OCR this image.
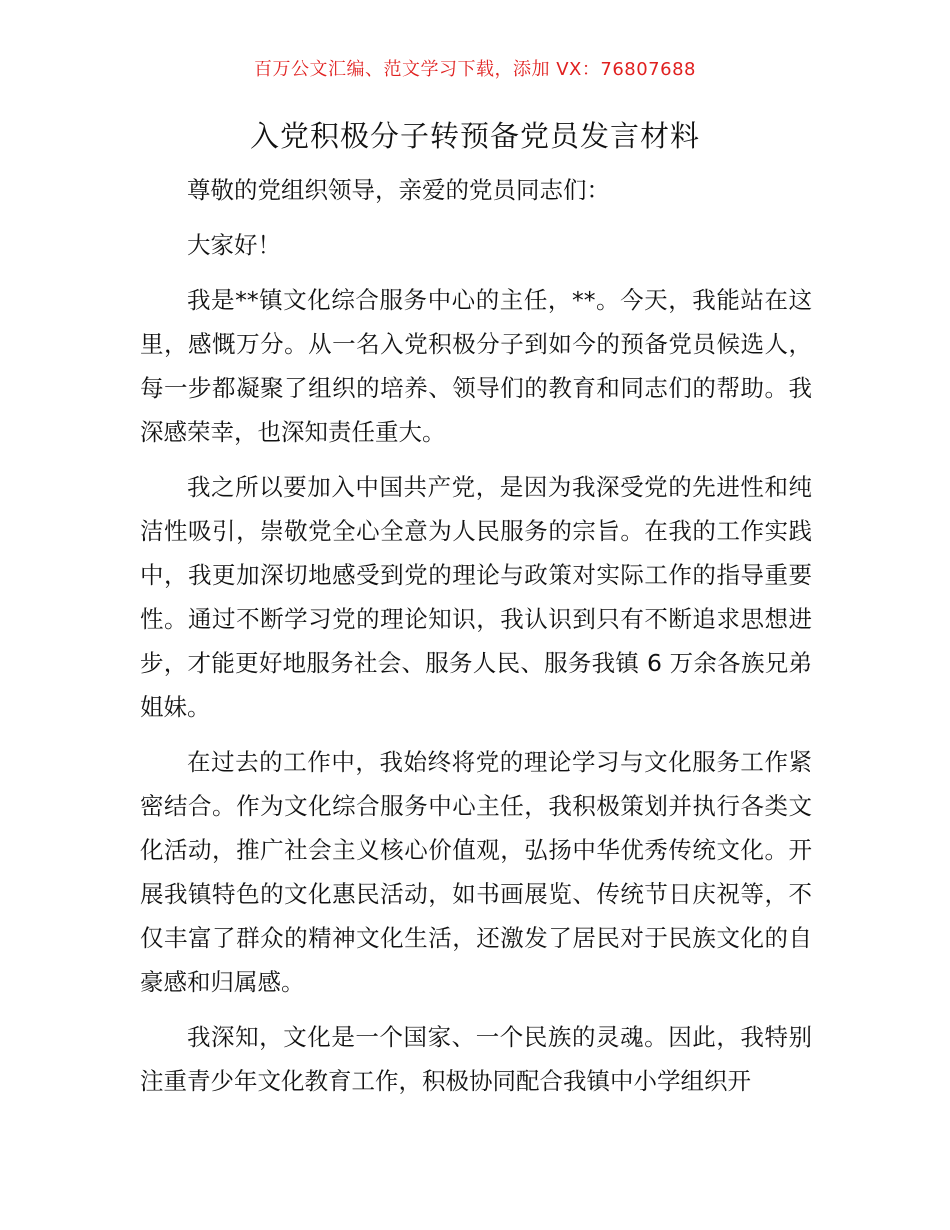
百万公文汇编、范文学习下载，添加 VX：76807688
入党积极分子转预备党员发言材料

尊敬的党组织领导，亲爱的党员同志们：

大家好！

我是**镇文化综合服务中心的主任，**。今天，我能站在这里，感慨万分。从一名入党积极分子到如今的预备党员候选人，每一步都凝聚了组织的培养、领导们的教育和同志们的帮助。我深感荣幸，也深知责任重大。

我之所以要加入中国共产党，是因为我深受党的先进性和纯洁性吸引，崇敬党全心全意为人民服务的宗旨。在我的工作实践中，我更加深切地感受到党的理论与政策对实际工作的指导重要性。通过不断学习党的理论知识，我认识到只有不断追求思想进步，才能更好地服务社会、服务人民、服务我镇 6 万余各族兄弟姐妹。

在过去的工作中，我始终将党的理论学习与文化服务工作紧密结合。作为文化综合服务中心主任，我积极策划并执行各类文化活动，推广社会主义核心价值观，弘扬中华优秀传统文化。开展我镇特色的文化惠民活动，如书画展览、传统节日庆祝等，不仅丰富了群众的精神文化生活，还激发了居民对于民族文化的自豪感和归属感。

我深知，文化是一个国家、一个民族的灵魂。因此，我特别注重青少年文化教育工作，积极协同配合我镇中小学组织开
